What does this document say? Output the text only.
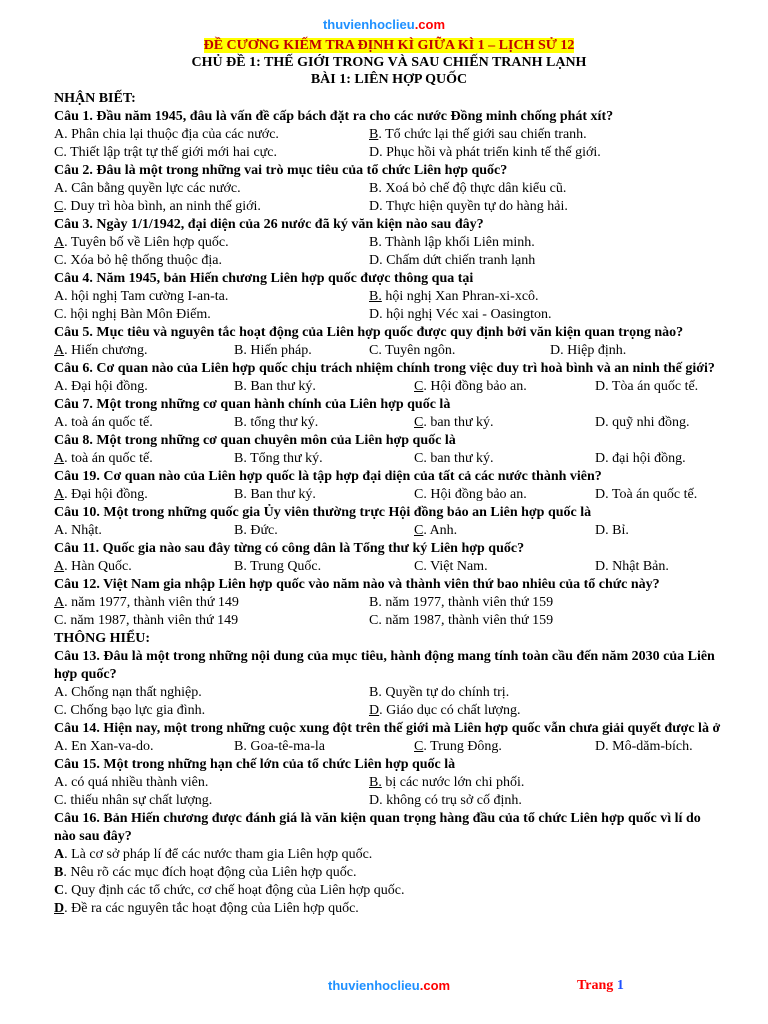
thuvienhoclieu.com
ĐỀ CƯƠNG KIẾM TRA ĐỊNH KÌ GIỮA KÌ 1 – LỊCH SỬ 12
CHỦ ĐỀ 1: THẾ GIỚI TRONG VÀ SAU CHIẾN TRANH LẠNH
BÀI 1: LIÊN HỢP QUỐC
NHẬN BIẾT:
Câu 1. Đầu năm 1945, đâu là vấn đề cấp bách đặt ra cho các nước Đồng minh chống phát xít?
A. Phân chia lại thuộc địa của các nước.	B. Tổ chức lại thế giới sau chiến tranh.
C. Thiết lập trật tự thế giới mới hai cực.	D. Phục hồi và phát triển kinh tế thế giới.
Câu 2. Đâu là một trong những vai trò mục tiêu của tổ chức Liên hợp quốc?
A. Cân bằng quyền lực các nước.	B. Xoá bỏ chế độ thực dân kiểu cũ.
C. Duy trì hòa bình, an ninh thế giới.	D. Thực hiện quyền tự do hàng hải.
Câu 3. Ngày 1/1/1942, đại diện của 26 nước đã ký văn kiện nào sau đây?
A. Tuyên bố về Liên hợp quốc.	B. Thành lập khối Liên minh.
C. Xóa bỏ hệ thống thuộc địa.	D. Chấm dứt chiến tranh lạnh
Câu 4. Năm 1945, bản Hiến chương Liên hợp quốc được thông qua tại
A. hội nghị Tam cường I-an-ta.	B. hội nghị Xan Phran-xi-xcô.
C. hội nghị Bàn Môn Điếm.	D. hội nghị Véc xai - Oasington.
Câu 5. Mục tiêu và nguyên tắc hoạt động của Liên hợp quốc được quy định bởi văn kiện quan trọng nào?
A. Hiến chương.	B. Hiến pháp.	C. Tuyên ngôn.	D. Hiệp định.
Câu 6. Cơ quan nào của Liên hợp quốc chịu trách nhiệm chính trong việc duy trì hoà bình và an ninh thế giới?
A. Đại hội đồng.	B. Ban thư ký.	C. Hội đồng bảo an.	D. Tòa án quốc tế.
Câu 7. Một trong những cơ quan hành chính của Liên hợp quốc là
A. toà án quốc tế.	B. tổng thư ký.	C. ban thư ký.	D. quỹ nhi đồng.
Câu 8. Một trong những cơ quan chuyên môn của Liên hợp quốc là
A. toà án quốc tế.	B. Tổng thư ký.	C. ban thư ký.	D. đại hội đồng.
Câu 19. Cơ quan nào của Liên hợp quốc là tập hợp đại diện của tất cả các nước thành viên?
A. Đại hội đồng.	B. Ban thư ký.	C. Hội đồng bảo an.	D. Toà án quốc tế.
Câu 10. Một trong những quốc gia Ủy viên thường trực Hội đồng bảo an Liên hợp quốc là
A. Nhật.	B. Đức.	C. Anh.	D. Bỉ.
Câu 11. Quốc gia nào sau đây từng có công dân là Tổng thư ký Liên hợp quốc?
A. Hàn Quốc.	B. Trung Quốc.	C. Việt Nam.	D. Nhật Bản.
Câu 12. Việt Nam gia nhập Liên hợp quốc vào năm nào và thành viên thứ bao nhiêu của tổ chức này?
A. năm 1977, thành viên thứ 149	B. năm 1977, thành viên thứ 159
C. năm 1987, thành viên thứ 149	C. năm 1987, thành viên thứ 159
THÔNG HIỂU:
Câu 13. Đâu là một trong những nội dung của mục tiêu, hành động mang tính toàn cầu đến năm 2030 của Liên hợp quốc?
A. Chống nạn thất nghiệp.	B. Quyền tự do chính trị.
C. Chống bạo lực gia đình.	D. Giáo dục có chất lượng.
Câu 14. Hiện nay, một trong những cuộc xung đột trên thế giới mà Liên hợp quốc vẫn chưa giải quyết được là ở
A. En Xan-va-do.	B. Goa-tê-ma-la	C. Trung Đông.	D. Mô-dăm-bích.
Câu 15. Một trong những hạn chế lớn của tổ chức Liên hợp quốc là
A. có quá nhiều thành viên.	B. bị các nước lớn chi phối.
C. thiếu nhân sự chất lượng.	D. không có trụ sở cố định.
Câu 16. Bản Hiến chương được đánh giá là văn kiện quan trọng hàng đầu của tổ chức Liên hợp quốc vì lí do nào sau đây?
A. Là cơ sở pháp lí để các nước tham gia Liên hợp quốc.
B. Nêu rõ các mục đích hoạt động của Liên hợp quốc.
C. Quy định các tổ chức, cơ chế hoạt động của Liên hợp quốc.
D. Đề ra các nguyên tắc hoạt động của Liên hợp quốc.
thuvienhoclieu.com	Trang 1
